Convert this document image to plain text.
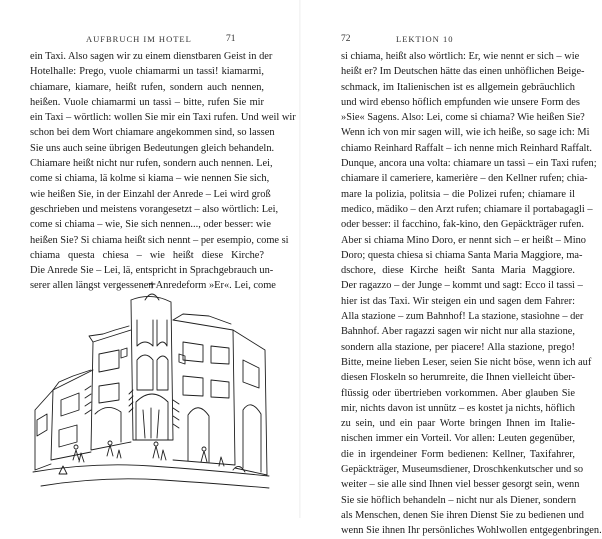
AUFBRUCH IM HOTEL	71
ein Taxi. Also sagen wir zu einem dienstbaren Geist in der
Hotelhalle: Prego, vuole chiamarmi un tassì! kiamarmi,
chiamare, kiamare, heißt rufen, sondern auch nennen,
heißen. Vuole chiamarmi un tassì – bitte, rufen Sie mir
ein Taxi – wörtlich: wollen Sie mir ein Taxi rufen. Und weil wir
schon bei dem Wort chiamare angekommen sind, so lassen
Sie uns auch seine übrigen Bedeutungen gleich behandeln.
Chiamare heißt nicht nur rufen, sondern auch nennen. Lei,
come si chiama, lä kolme si kiama – wie nennen Sie sich,
wie heißen Sie, in der Einzahl der Anrede – Lei wird groß
geschrieben und meistens vorangesetzt – also wörtlich: Lei,
come si chiama – wie, Sie sich nennen..., oder besser: wie
heißen Sie? Si chiama heißt sich nennt – per esempio, come si
chiama questa chiesa – wie heißt diese Kirche?
Die Anrede Sie – Lei, lä, entspricht in Sprachgebrauch un-
serer allen längst vergessenen Anredeform »Er«. Lei, come
72	LEKTION 10
si chiama, heißt also wörtlich: Er, wie nennt er sich – wie
heißt er? Im Deutschen hätte das einen unhöflichen Beige-
schmack, im Italienischen ist es allgemein gebräuchlich
und wird ebenso höflich empfunden wie unsere Form des
»Sie« Sagens. Also: Lei, come si chiama? Wie heißen Sie?
Wenn ich von mir sagen will, wie ich heiße, so sage ich: Mi
chiamo Reinhard Raffalt – ich nenne mich Reinhard Raffalt.
Dunque, ancora una volta: chiamare un tassì – ein Taxi rufen;
chiamare il cameriere, kamerière – den Kellner rufen; chia-
mare la polizia, politsia – die Polizei rufen; chiamare il
medico, mädiko – den Arzt rufen; chiamare il portabagagli –
oder besser: il facchino, fak-kino, den Gepäckträger rufen.
Aber si chiama Mino Doro, er nennt sich – er heißt – Mino
Doro; questa chiesa si chiama Santa Maria Maggiore, ma-
dschore, diese Kirche heißt Santa Maria Maggiore.
Der ragazzo – der Junge – kommt und sagt: Ecco il tassì –
hier ist das Taxi. Wir steigen ein und sagen dem Fahrer:
Alla stazione – zum Bahnhof! La stazione, stasiohne – der
Bahnhof. Aber ragazzi sagen wir nicht nur alla stazione,
sondern alla stazione, per piacere! Alla stazione, prego!
Bitte, meine lieben Leser, seien Sie nicht böse, wenn ich auf
diesen Floskeln so herumreite, die Ihnen vielleicht über-
flüssig oder übertrieben vorkommen. Aber glauben Sie
mir, nichts davon ist unnütz – es kostet ja nichts, höflich
zu sein, und ein paar Worte bringen Ihnen im Italie-
nischen immer ein Vorteil. Vor allen: Leuten gegenüber,
die in irgendeiner Form bedienen: Kellner, Taxifahrer,
Gepäckträger, Museumsdiener, Droschkenkutscher und so
weiter – sie alle sind Ihnen viel besser gesorgt sein, wenn
Sie sie höflich behandeln – nicht nur als Diener, sondern
als Menschen, denen Sie ihren Dienst Sie zu bedienen und
wenn Sie ihnen Ihr persönliches Wohlwollen entgegenbringen.
